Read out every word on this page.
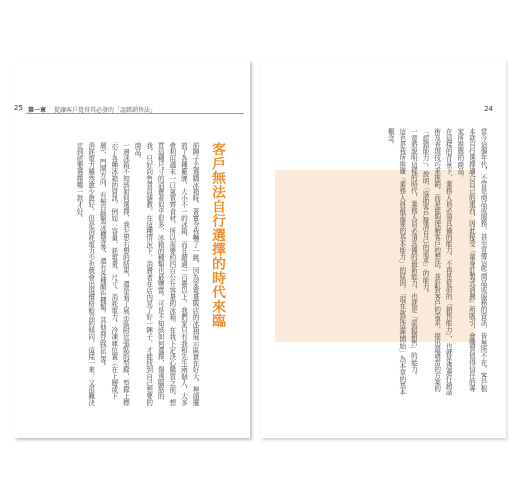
25 第一章 從讓客戶覺得其必發的「認錯銷售法」
客戶無法自行選擇的時代來臨
前陣子去選購冰箱時，著實令我嚇了一跳，因為家電量販店的冰箱展示區實在好大，裡頭擺放了各種廠牌、大小不一的冰箱，而且超過一百臺以上。我們家只有我和先生兩個人，大多會利用週末一口氣買齊食材，所以需要約四百公升容量的冰箱。在我下定決心購買之前，想買這種尺寸的消費者似乎很多，冰箱的種類也最豐富。可是不知該如何選擇，傷透腦筋的我，只好向售貨員請教。在這種情況下，消費者在店內晃了好一陣子，才能找到自己想要的商品。
一邊冰箱不知該如何選擇，我左思右想的結果，還是看了展示區附近張貼的型錄，型錄上標示了各種冰箱的資訊，例如：容量、耗電量、尺寸、消耗電力、冷凍庫位置（在上層或下層）、門開方向，有無自動製冰機等等，還有各種顏色種類。其他商品特色等。
消耗電力雖然愈少愈好，但是消耗電力少也就會出現價格較高的傾向，這樣一來，又很難決定到底要選擇哪一款才好。
24
當今這個年代，不管是商品或服務，甚至宣傳這些商品或服務的資訊，皆無所不在。客戶根本就自行選擇適合自己的東西，因此接受「量身訂製式消費」所吸引，會購買值得信任的專家所推薦的商品。
在這樣的背景下，業務人員必須具備的能力，不再是從前的「銷售能力」，也就是透過行銷話術及表現技巧來推銷，而是能夠理解客戶的想法，並針對客戶的需求，提出最適當的方案的「認錯能力」。說明「協助客戶釐清自己的需求」的能力。
一章將說明這樣的時代，業務人員必須具備的最新能力，也就是「認錯銷售」的能力。
這也是我所推廣「業務人員最需要的基本能力」的原因，「現在就從這裡開始」為本章的基本概念。
